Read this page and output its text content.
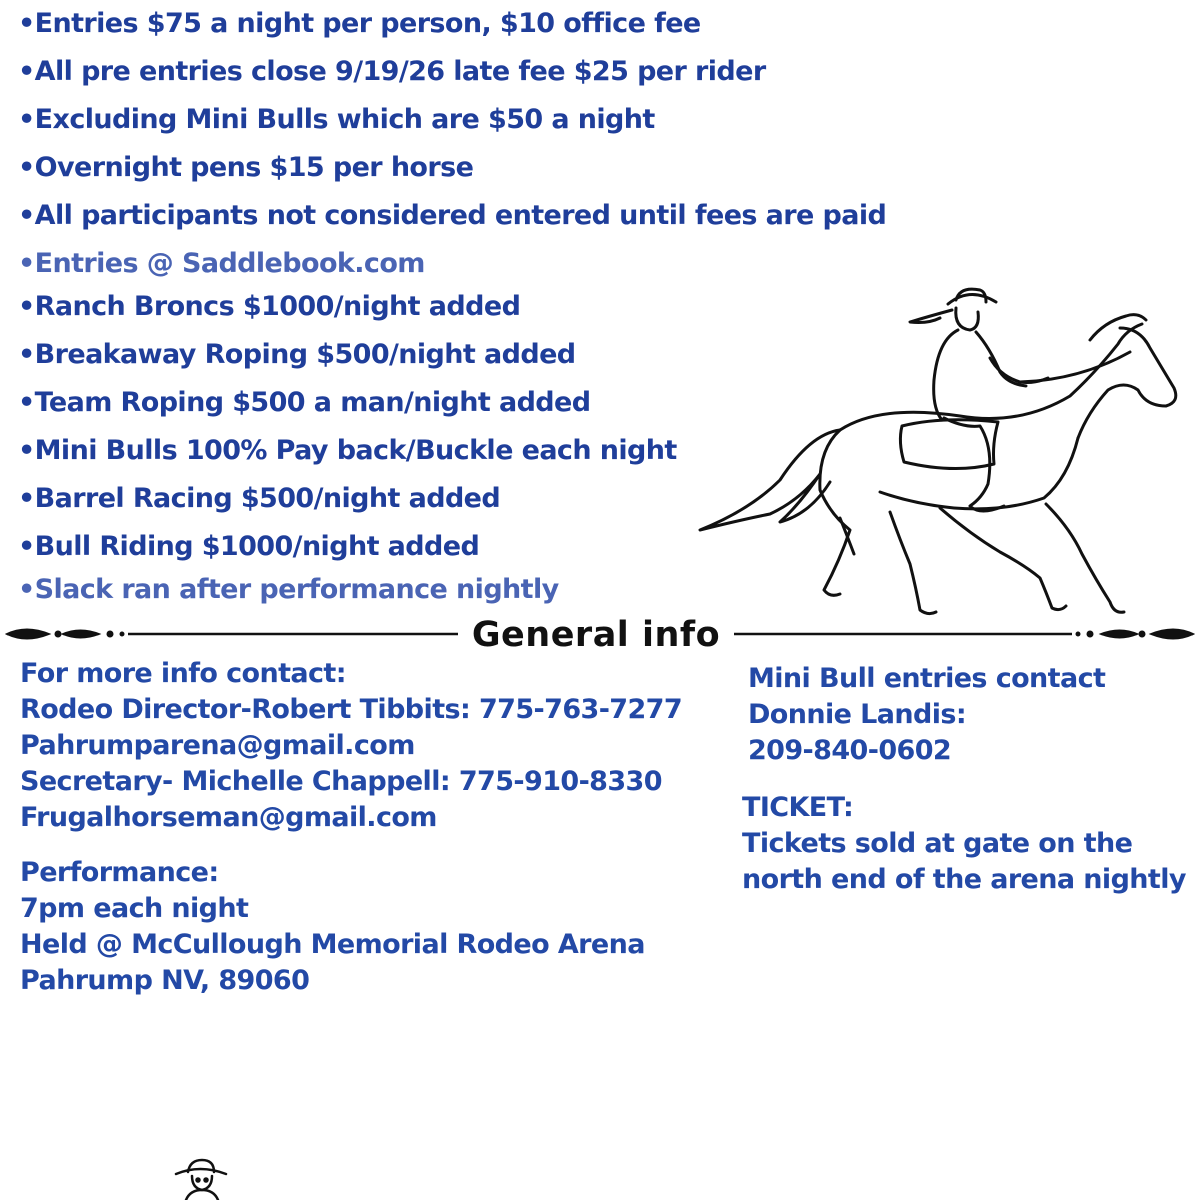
•Entries $75 a night per person, $10 office fee
•All pre entries close 9/19/26 late fee $25 per rider
•Excluding Mini Bulls which are $50 a night
•Overnight pens $15 per horse
•All participants not considered entered until fees are paid
•Entries @ Saddlebook.com
•Ranch Broncs $1000/night added
•Breakaway Roping $500/night added
•Team Roping $500 a man/night added
•Mini Bulls 100% Pay back/Buckle each night
•Barrel Racing $500/night added
•Bull Riding $1000/night added
•Slack ran after performance nightly
General info
For more info contact:
Rodeo Director-Robert Tibbits: 775-763-7277
Pahrumparena@gmail.com
Secretary- Michelle Chappell: 775-910-8330
Frugalhorseman@gmail.com
Performance:
7pm each night
Held @ McCullough Memorial Rodeo Arena
Pahrump NV, 89060
Mini Bull entries contact
Donnie Landis:
209-840-0602
TICKET:
Tickets sold at gate on the
north end of the arena nightly
